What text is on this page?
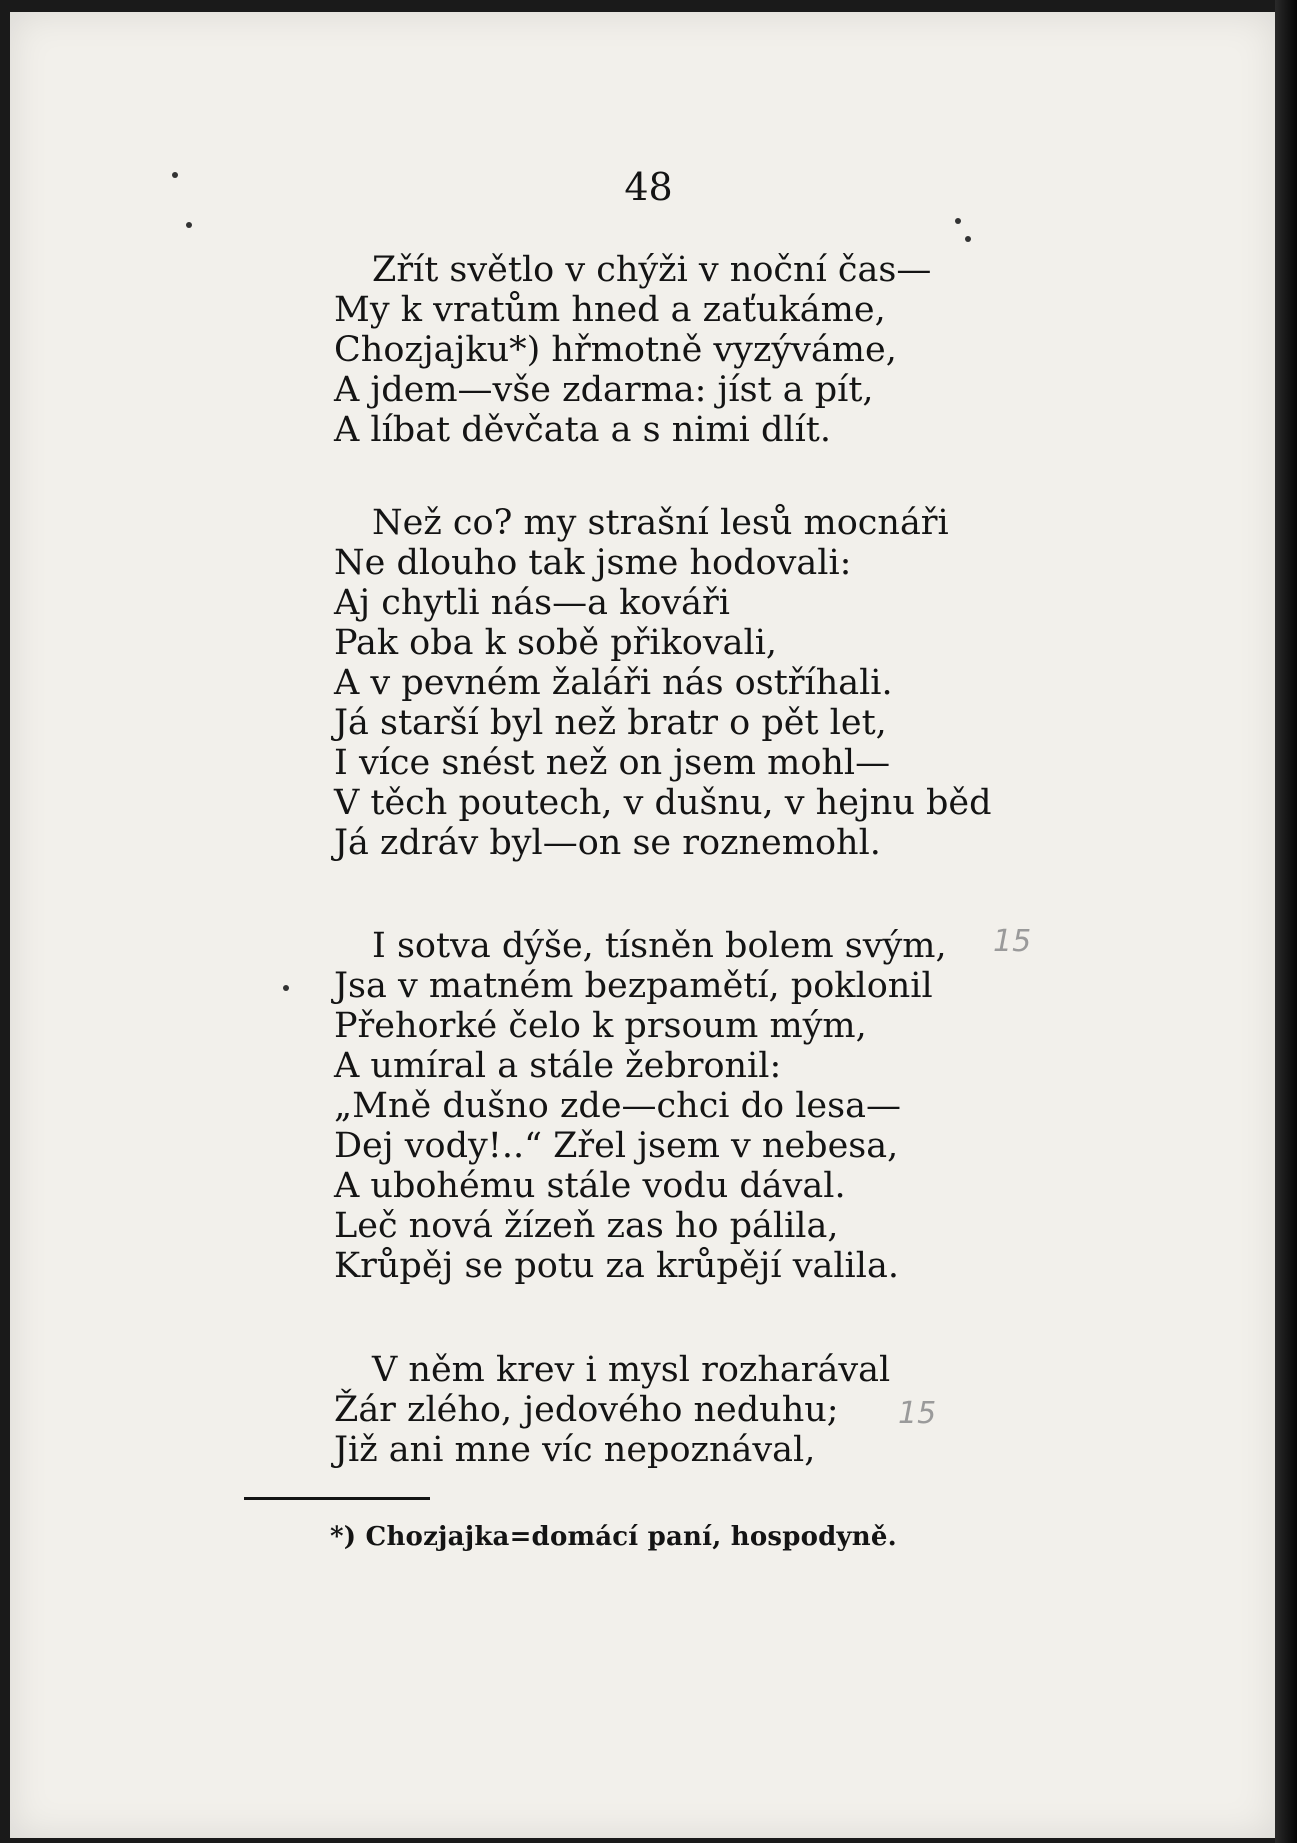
48
Zřít světlo v chýži v noční čas—
My k vratům hned a zaťukáme,
Chozjajku*) hřmotně vyzýváme,
A jdem—vše zdarma: jíst a pít,
A líbat děvčata a s nimi dlít.
Než co? my strašní lesů mocnáři
Ne dlouho tak jsme hodovali:
Aj chytli nás—a kováři
Pak oba k sobě přikovali,
A v pevném žaláři nás ostříhali.
Já starší byl než bratr o pět let,
I více snést než on jsem mohl—
V těch poutech, v dušnu, v hejnu běd
Já zdráv byl—on se roznemohl.
I sotva dýše, tísněn bolem svým,
Jsa v matném bezpamětí, poklonil
Přehorké čelo k prsoum mým,
A umíral a stále žebronil:
„Mně dušno zde—chci do lesa—
Dej vody!..“ Zřel jsem v nebesa,
A ubohému stále vodu dával.
Leč nová žízeň zas ho pálila,
Krůpěj se potu za krůpějí valila.
V něm krev i mysl rozharával
Žár zlého, jedového neduhu;
Již ani mne víc nepoznával,
*) Chozjajka=domácí paní, hospodyně.
15
15
